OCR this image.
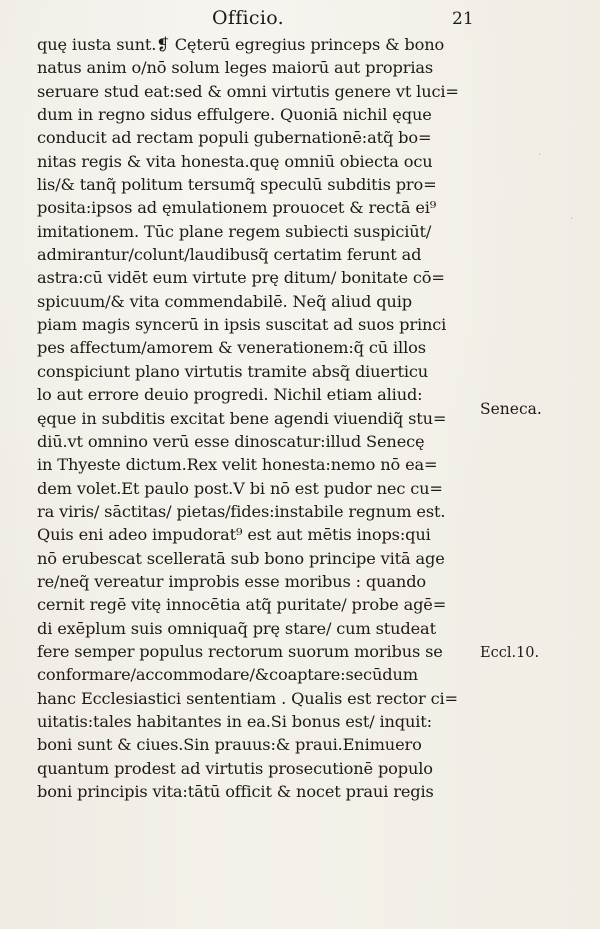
Officio.	21
quę iusta sunt.❡ Cęterū egregius princeps & bono
natus anim o/nō solum leges maiorū aut proprias
seruare stud eat:sed & omni virtutis genere vt luci=
dum in regno sidus effulgere. Quoniā nichil ęque
conducit ad rectam populi gubernationē:atq̃ bo=
nitas regis & vita honesta.quę omniū obiecta ocu
lis/& tanq̃ politum tersumq̃ speculū subditis pro=
posita:ipsos ad ęmulationem prouocet & rectā ei⁹
imitationem. Tūc plane regem subiecti suspiciūt/
admirantur/colunt/laudibusq̃ certatim ferunt ad
astra:cū vidēt eum virtute prę ditum/ bonitate cō=
spicuum/& vita commendabilē. Neq̃ aliud quip
piam magis syncerū in ipsis suscitat ad suos princi
pes affectum/amorem & venerationem:q̃ cū illos
conspiciunt plano virtutis tramite absq̃ diuerticu
lo aut errore deuio progredi. Nichil etiam aliud:
ęque in subditis excitat bene agendi viuendiq̃ stu=
diū.vt omnino verū esse dinoscatur:illud Senecę
in Thyeste dictum.Rex velit honesta:nemo nō ea=
dem volet.Et paulo post.V bi nō est pudor nec cu=
ra viris/ sāctitas/ pietas/fides:instabile regnum est.
Quis eni adeo impudorat⁹ est aut mētis inops:qui
nō erubescat scelleratā sub bono principe vitā age
re/neq̃ vereatur improbis esse moribus : quando
cernit regē vitę innocētia atq̃ puritate/ probe agē=
di exēplum suis omniquaq̃ prę stare/ cum studeat
fere semper populus rectorum suorum moribus se
conformare/accommodare/&coaptare:secūdum
hanc Ecclesiastici sententiam . Qualis est rector ci=
uitatis:tales habitantes in ea.Si bonus est/ inquit:
boni sunt & ciues.Sin prauus:& praui.Enimuero
quantum prodest ad virtutis prosecutionē populo
boni principis vita:tātū officit & nocet praui regis
Seneca.
Eccl.10.
·
·
